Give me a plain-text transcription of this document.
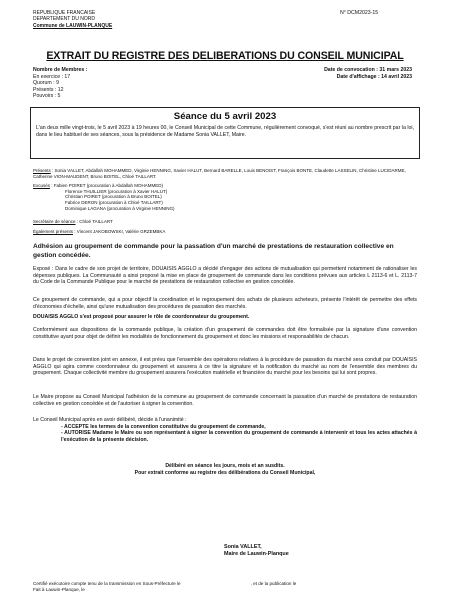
REPUBLIQUE FRANCAISE
DEPARTEMENT DU NORD
Commune de LAUWIN-PLANQUE
N° DCM2023-15
EXTRAIT DU REGISTRE DES DELIBERATIONS DU CONSEIL MUNICIPAL
Nombre de Membres :
En exercice : 17
Quorum : 9
Présents : 12
Pouvoirs : 5
Date de convocation : 31 mars 2023
Date d'affichage : 14 avril 2023
Séance du 5 avril 2023
L'an deux mille vingt-trois, le 5 avril 2023 à 19 heures 00, le Conseil Municipal de cette Commune, régulièrement convoqué, s'est réuni au nombre prescrit par la loi, dans le lieu habituel de ses séances, sous la présidence de Madame Sonia VALLET, Maire.
Présents : Sonia VALLET, Abdallah MOHAMMED, Virginie HENNING, Xavier HALUT, Bernard BARELLE, Louis BENOIST, François BONTE, Claudette LASSELIN, Christine LUCIDARME, Catherine VION-MAUDENT, Bruno BOITEL, Chloé TAILLART.
Excusés : Fabien POIRET (procuration à Abdallah MOHAMMED)
Florence THUILLIER (procuration à Xavier HALUT)
Christian POIRET (procuration à Bruno BOITEL)
Fabrice DERON (procuration à Chloé TAILLART)
Dominique LAGANA (procuration à Virginie HENNING)
Secrétaire de séance : Chloé TAILLART
Également présents : Vincent JAKOBOWSKI, Valérie GRZEMBKA
Adhésion au groupement de commande pour la passation d'un marché de prestations de restauration collective en gestion concédée.
Exposé : Dans le cadre de son projet de territoire, DOUAISIS AGGLO a décidé d'engager des actions de mutualisation qui permettent notamment de rationaliser les dépenses publiques. La Communauté a ainsi proposé la mise en place de groupement de commande dans les conditions prévues aux articles L 2113-6 et L. 2113-7 du Code de la Commande Publique pour le marché de prestations de restauration collective en gestion concédée.
Ce groupement de commande, qui a pour objectif la coordination et le regroupement des achats de plusieurs acheteurs, présente l'intérêt de permettre des effets d'économies d'échelle, ainsi qu'une mutualisation des procédures de passation des marchés.
DOUAISIS AGGLO s'est proposé pour assurer le rôle de coordonnateur du groupement.
Conformément aux dispositions de la commande publique, la création d'un groupement de commandes doit être formalisée par la signature d'une convention constitutive ayant pour objet de définir les modalités de fonctionnement du groupement et donc les missions et responsabilités de chacun.
Dans le projet de convention joint en annexe, il est prévu que l'ensemble des opérations relatives à la procédure de passation du marché sera conduit par DOUAISIS AGGLO qui agira comme coordonnateur du groupement et assurera à ce titre la signature et la notification du marché au nom de l'ensemble des membres du groupement. Chaque collectivité membre du groupement assurera l'exécution matérielle et financière du marché pour les besoins qui lui sont propres.
Le Maire propose au Conseil Municipal l'adhésion de la commune au groupement de commande concernant la passation d'un marché de prestations de restauration collective en gestion concédée et de l'autoriser à signer la convention.
Le Conseil Municipal après en avoir délibéré, décide à l'unanimité :
- ACCEPTE les termes de la convention constitutive du groupement de commande,
- AUTORISE Madame le Maire ou son représentant à signer la convention du groupement de commande à intervenir et tous les actes attachés à l'exécution de la présente décision.
Délibéré en séance les jours, mois et an susdits.
Pour extrait conforme au registre des délibérations du Conseil Municipal,
Sonia VALLET,
Maire de Lauwin-Planque
Certifié exécutoire compte tenu de la transmission en Sous-Préfecture le	, et de la publication le
Fait à Lauwin-Planque, le
